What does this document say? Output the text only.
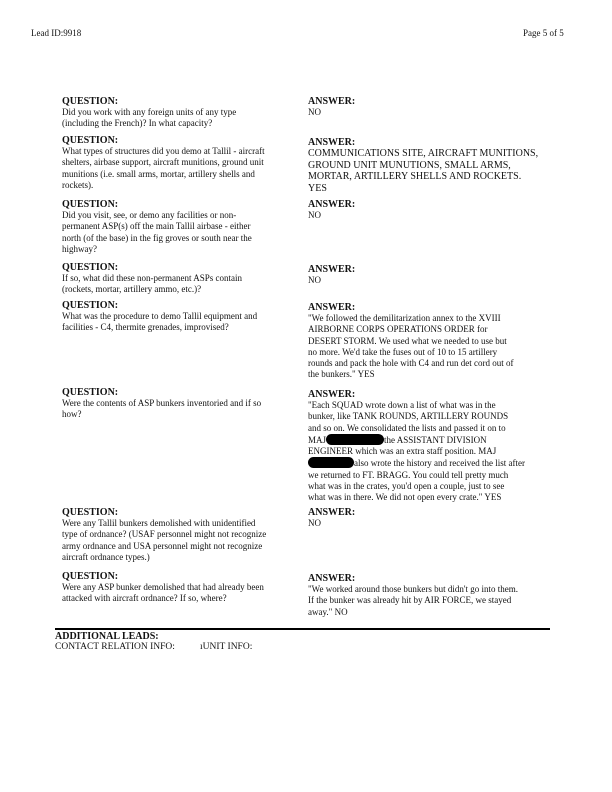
Lead ID:9918	Page 5 of 5
QUESTION:
Did you work with any foreign units of any type
(including the French)? In what capacity?
ANSWER:
NO
QUESTION:
What types of structures did you demo at Tallil - aircraft
shelters, airbase support, aircraft munitions, ground unit
munitions (i.e. small arms, mortar, artillery shells and
rockets).
ANSWER:
COMMUNICATIONS SITE, AIRCRAFT MUNITIONS,
GROUND UNIT MUNUTIONS, SMALL ARMS,
MORTAR, ARTILLERY SHELLS AND ROCKETS.
YES
QUESTION:
Did you visit, see, or demo any facilities or non-
permanent ASP(s) off the main Tallil airbase - either
north (of the base) in the fig groves or south near the
highway?
ANSWER:
NO
QUESTION:
If so, what did these non-permanent ASPs contain
(rockets, mortar, artillery ammo, etc.)?
ANSWER:
NO
QUESTION:
What was the procedure to demo Tallil equipment and
facilities - C4, thermite grenades, improvised?
ANSWER:
"We followed the demilitarization annex to the XVIII
AIRBORNE CORPS OPERATIONS ORDER for
DESERT STORM. We used what we needed to use but
no more. We'd take the fuses out of 10 to 15 artillery
rounds and pack the hole with C4 and run det cord out of
the bunkers." YES
QUESTION:
Were the contents of ASP bunkers inventoried and if so
how?
ANSWER:
"Each SQUAD wrote down a list of what was in the
bunker, like TANK ROUNDS, ARTILLERY ROUNDS
and so on. We consolidated the lists and passed it on to
MAJ	the ASSISTANT DIVISION
ENGINEER which was an extra staff position. MAJ
also wrote the history and received the list after
we returned to FT. BRAGG. You could tell pretty much
what was in the crates, you'd open a couple, just to see
what was in there. We did not open every crate." YES
QUESTION:
Were any Tallil bunkers demolished with unidentified
type of ordnance? (USAF personnel might not recognize
army ordnance and USA personnel might not recognize
aircraft ordnance types.)
ANSWER:
NO
QUESTION:
Were any ASP bunker demolished that had already been
attacked with aircraft ordnance? If so, where?
ANSWER:
"We worked around those bunkers but didn't go into them.
If the bunker was already hit by AIR FORCE, we stayed
away." NO
ADDITIONAL LEADS:
CONTACT RELATION INFO:	ıUNIT INFO:
